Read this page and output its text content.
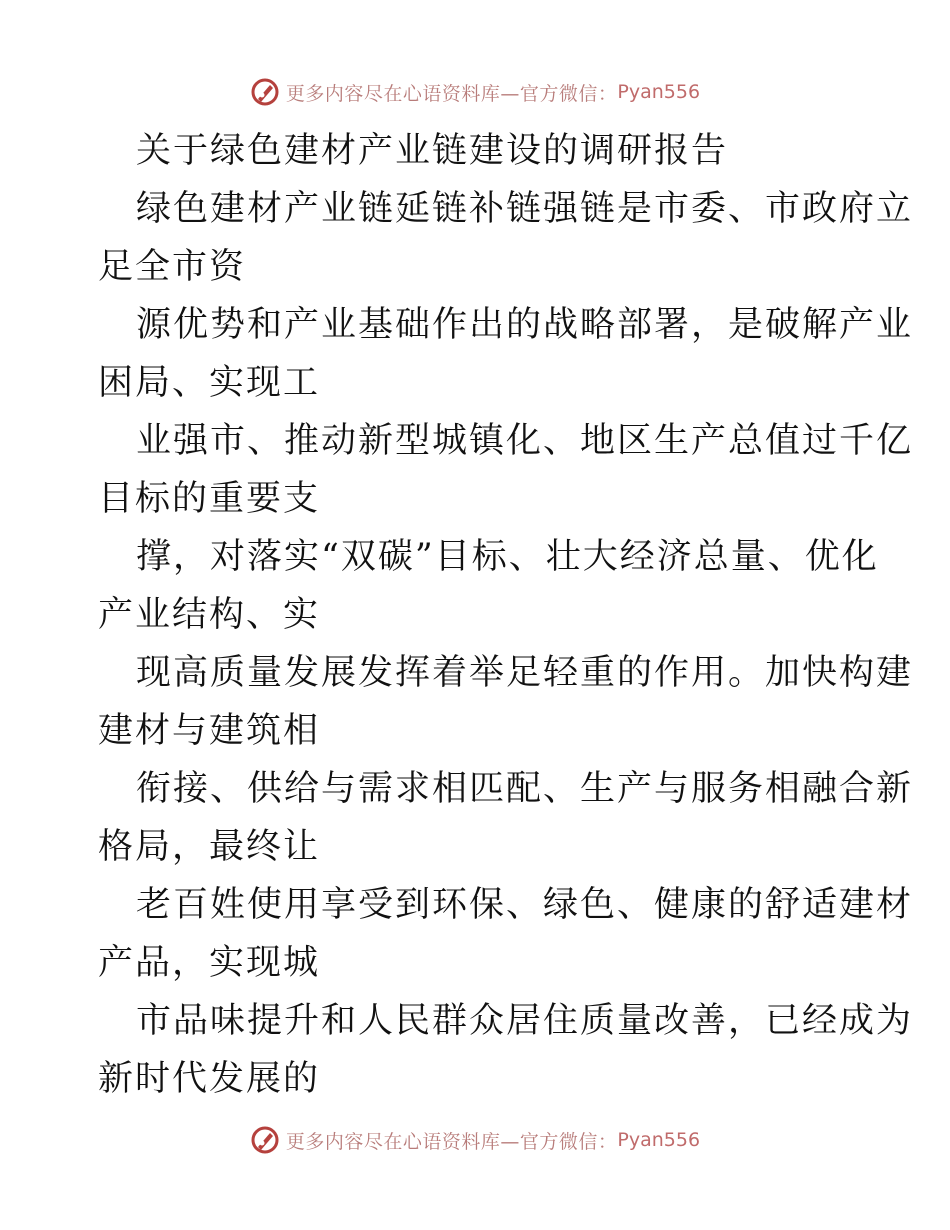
更多内容尽在心语资料库—官方微信： Pyan556
关于绿色建材产业链建设的调研报告
绿色建材产业链延链补链强链是市委、市政府立
足全市资
源优势和产业基础作出的战略部署，是破解产业
困局、实现工
业强市、推动新型城镇化、地区生产总值过千亿
目标的重要支
撑，对落实“双碳”目标、壮大经济总量、优化
产业结构、实
现高质量发展发挥着举足轻重的作用。加快构建
建材与建筑相
衔接、供给与需求相匹配、生产与服务相融合新
格局，最终让
老百姓使用享受到环保、绿色、健康的舒适建材
产品，实现城
市品味提升和人民群众居住质量改善，已经成为
新时代发展的
更多内容尽在心语资料库—官方微信： Pyan556
